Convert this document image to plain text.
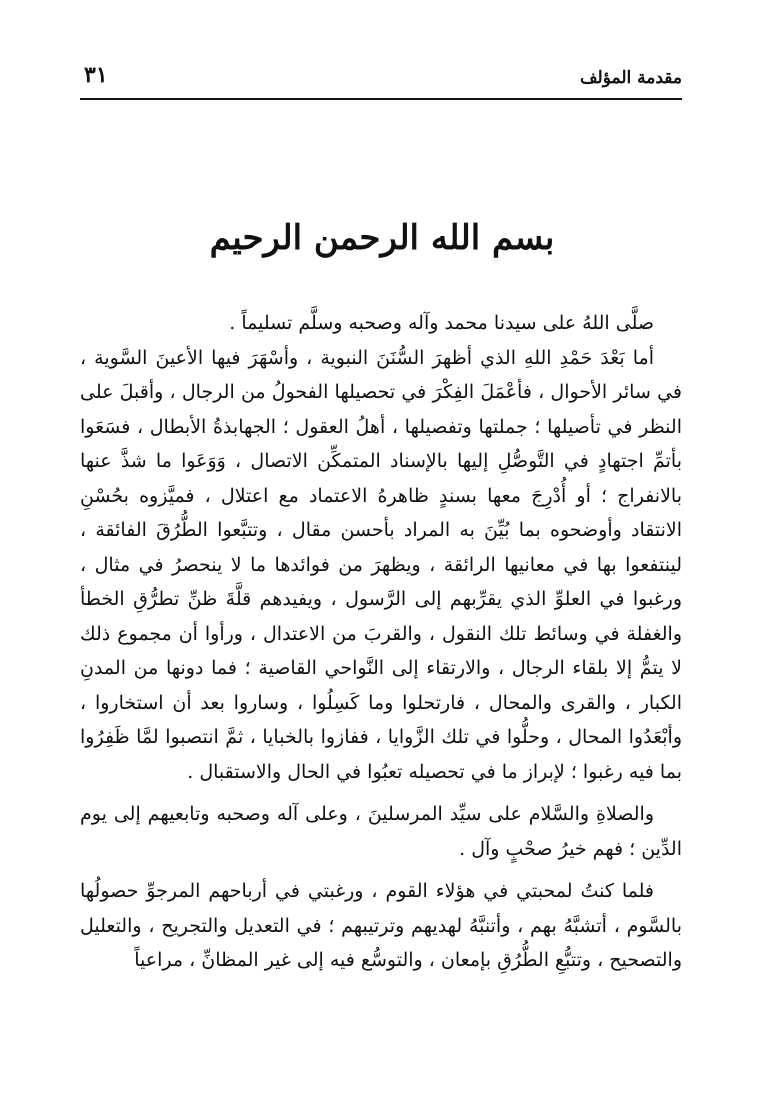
مقدمة المؤلف
٣١
بسم الله الرحمن الرحيم

صلَّى اللهُ على سيدنا محمد وآله وصحبه وسلَّم تسليماً .

أما بَعْدَ حَمْدِ اللهِ الذي أظهرَ السُّنَنَ النبوية ، وأسْهَرَ فيها الأعينَ السَّوية ، في سائر الأحوال ، فأعْمَلَ الفِكْرَ في تحصيلها الفحولُ من الرجال ، وأقبلَ على النظر في تأصيلها ؛ جملتها وتفصيلها ، أهلُ العقول ؛ الجهابذةُ الأبطال ، فسَعَوا بأتمِّ اجتهادٍ في التَّوصُّلِ إليها بالإسناد المتمكِّن الاتصال ، وَوَعَوا ما شذَّ عنها بالانفراج ؛ أو أُدْرِجَ معها بسندٍ ظاهرهُ الاعتماد مع اعتلال ، فميَّزوه بحُسْنِ الانتقاد وأوضحوه بما بُيِّنَ به المراد بأحسن مقال ، وتتبَّعوا الطُّرُقَ الفائقة ، لينتفعوا بها في معانيها الرائقة ، ويظهرَ من فوائدها ما لا ينحصرُ في مثال ، ورغبوا في العلوِّ الذي يقرِّبهم إلى الرَّسول ، ويفيدهم قلَّةَ ظنِّ تطرُّقِ الخطأ والغفلة في وسائط تلك النقول ، والقربَ من الاعتدال ، ورأوا أن مجموع ذلك لا يتمُّ إلا بلقاء الرجال ، والارتقاء إلى النَّواحي القاصية ؛ فما دونها من المدنِ الكبار ، والقرى والمحال ، فارتحلوا وما كَسِلُوا ، وساروا بعد أن استخاروا ، وأبْعَدُوا المحال ، وحلُّوا في تلك الزَّوايا ، ففازوا بالخبايا ، ثمَّ انتصبوا لمَّا ظَفِرُوا بما فيه رغبوا ؛ لإبراز ما في تحصيله تعبُوا في الحال والاستقبال .

والصلاةِ والسَّلام على سيِّد المرسلينَ ، وعلى آله وصحبه وتابعيهم إلى يوم الدِّين ؛ فهم خيرُ صحْبٍ وآل .

فلما كنتُ لمحبتي في هؤلاء القوم ، ورغبتي في أرباحهم المرجوِّ حصولُها بالسَّوم ، أتشبَّهُ بهم ، وأتنبَّهُ لهديهم وترتيبهم ؛ في التعديل والتجريح ، والتعليل والتصحيح ، وتتبُّعِ الطُّرُقِ بإمعان ، والتوسُّع فيه إلى غير المظانِّ ، مراعياً
